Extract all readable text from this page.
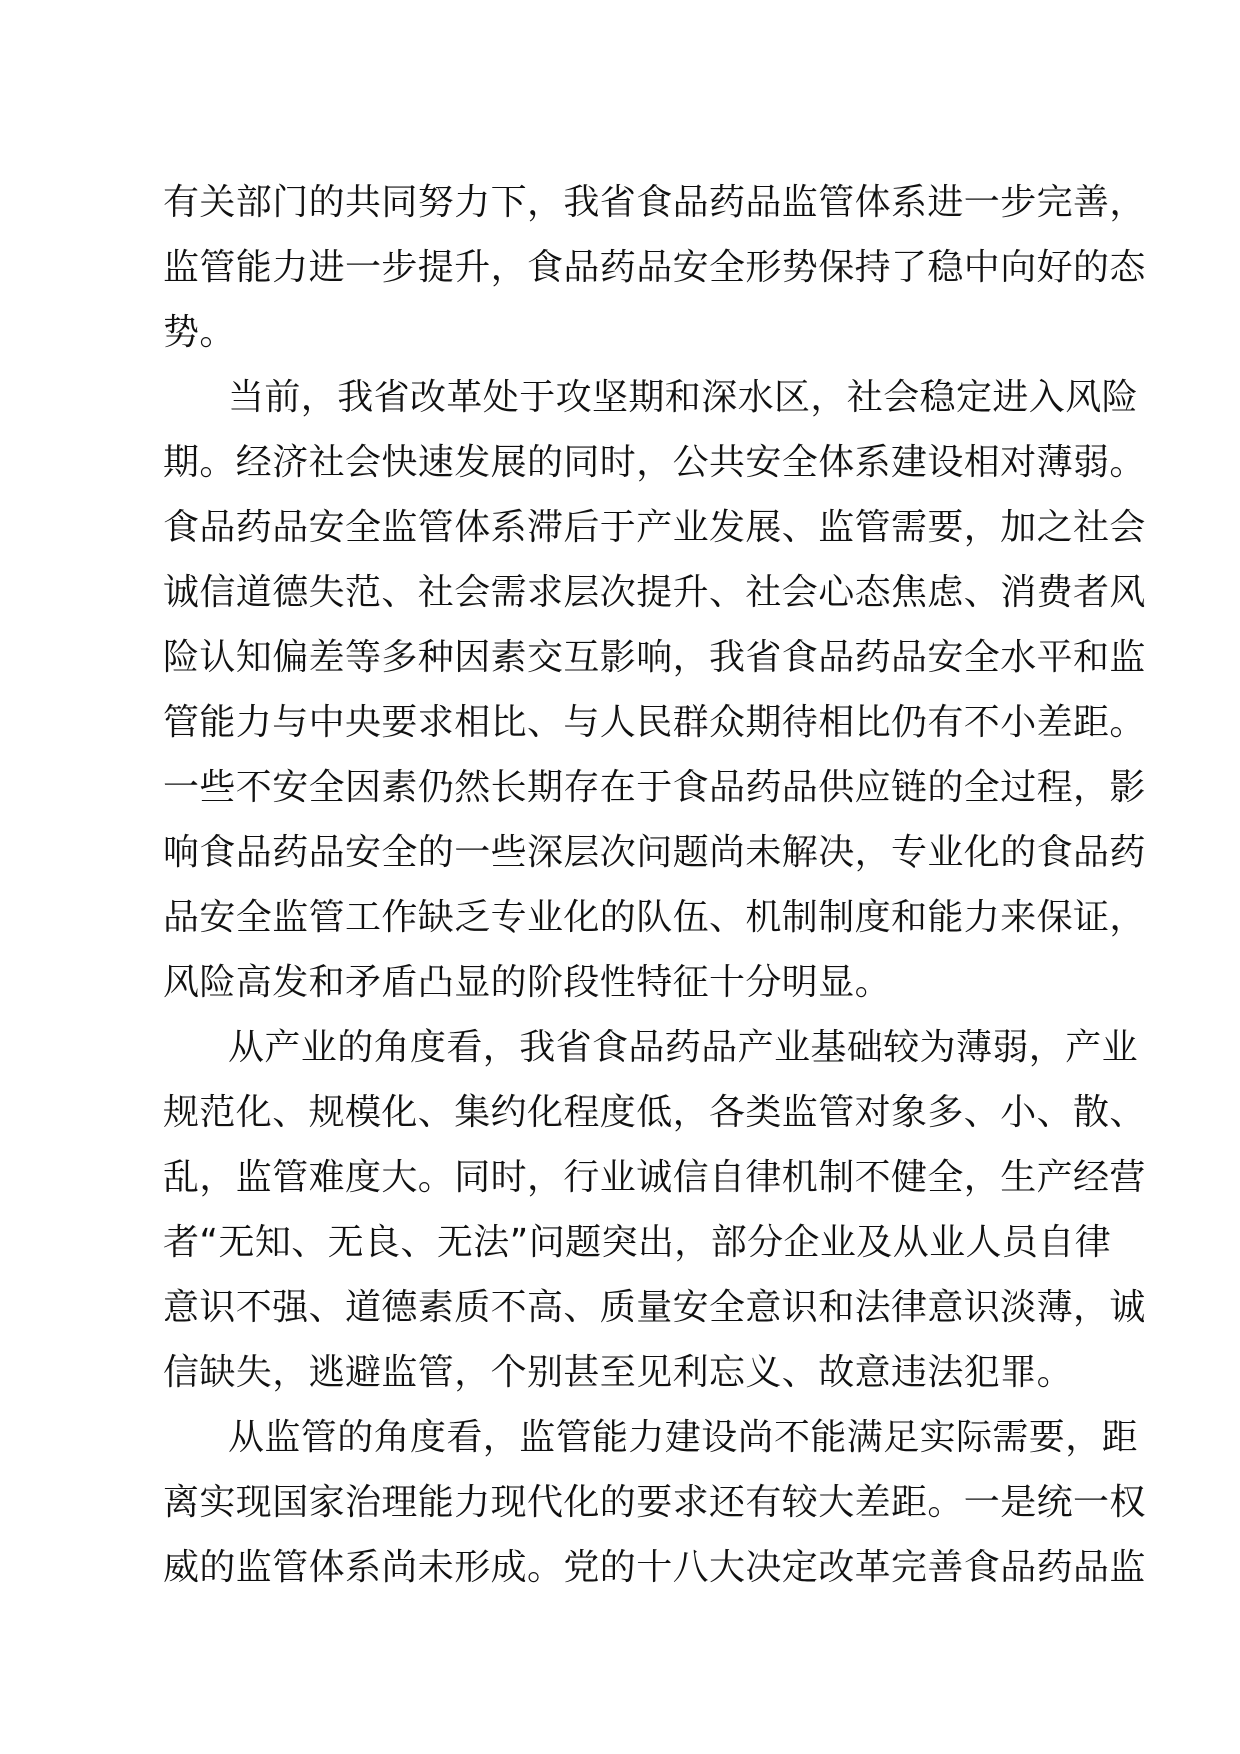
有关部门的共同努力下，我省食品药品监管体系进一步完善，
监管能力进一步提升，食品药品安全形势保持了稳中向好的态
势。
当前，我省改革处于攻坚期和深水区，社会稳定进入风险
期。经济社会快速发展的同时，公共安全体系建设相对薄弱。
食品药品安全监管体系滞后于产业发展、监管需要，加之社会
诚信道德失范、社会需求层次提升、社会心态焦虑、消费者风
险认知偏差等多种因素交互影响，我省食品药品安全水平和监
管能力与中央要求相比、与人民群众期待相比仍有不小差距。
一些不安全因素仍然长期存在于食品药品供应链的全过程，影
响食品药品安全的一些深层次问题尚未解决，专业化的食品药
品安全监管工作缺乏专业化的队伍、机制制度和能力来保证，
风险高发和矛盾凸显的阶段性特征十分明显。
从产业的角度看，我省食品药品产业基础较为薄弱，产业
规范化、规模化、集约化程度低，各类监管对象多、小、散、
乱，监管难度大。同时，行业诚信自律机制不健全，生产经营
者“无知、无良、无法”问题突出，部分企业及从业人员自律
意识不强、道德素质不高、质量安全意识和法律意识淡薄，诚
信缺失，逃避监管，个别甚至见利忘义、故意违法犯罪。
从监管的角度看，监管能力建设尚不能满足实际需要，距
离实现国家治理能力现代化的要求还有较大差距。一是统一权
威的监管体系尚未形成。党的十八大决定改革完善食品药品监
